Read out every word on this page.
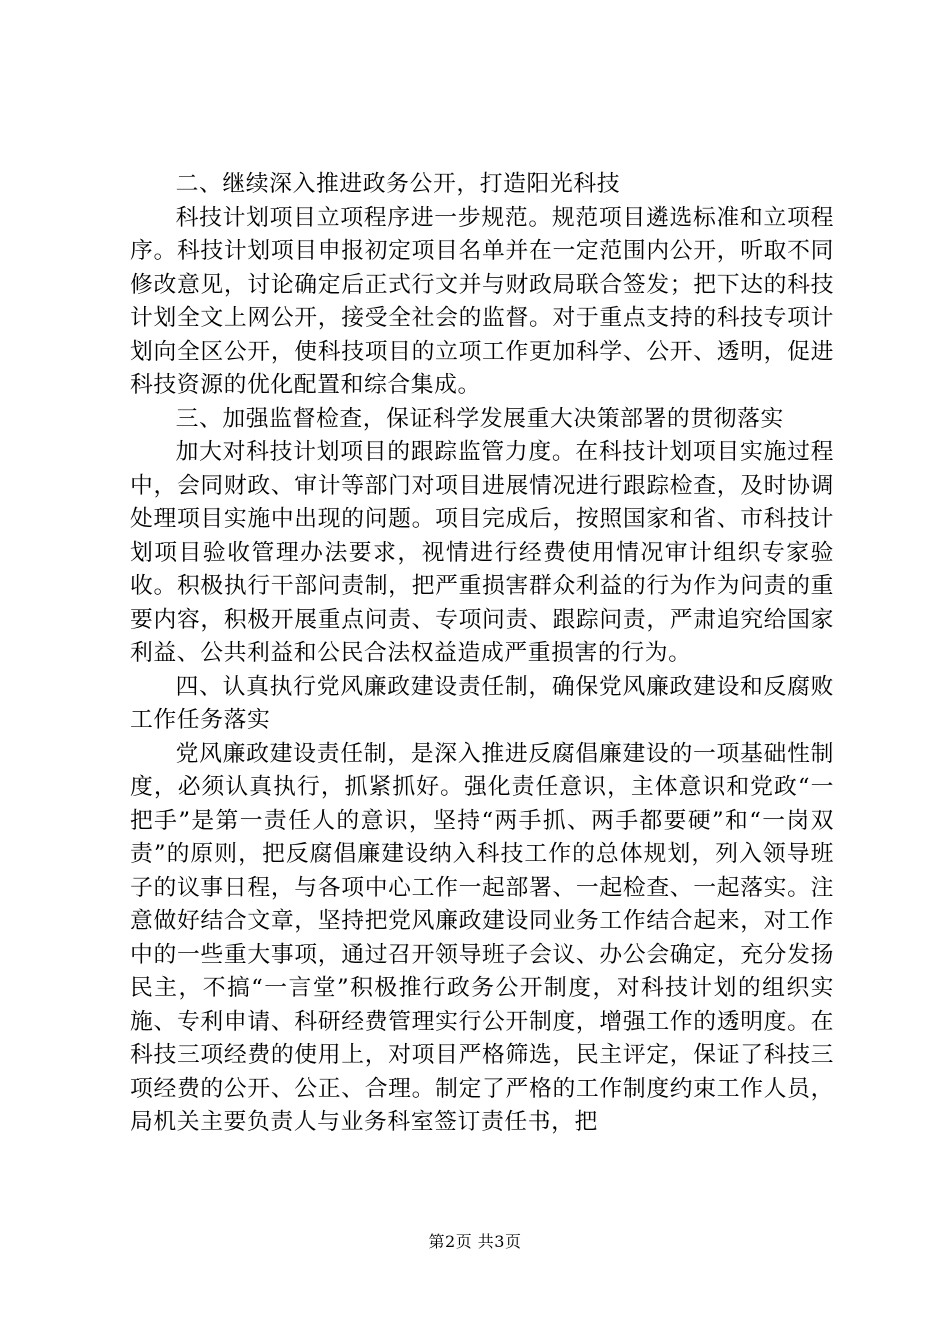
二、继续深入推进政务公开，打造阳光科技

科技计划项目立项程序进一步规范。规范项目遴选标准和立项程序。科技计划项目申报初定项目名单并在一定范围内公开，听取不同修改意见，讨论确定后正式行文并与财政局联合签发；把下达的科技计划全文上网公开，接受全社会的监督。对于重点支持的科技专项计划向全区公开，使科技项目的立项工作更加科学、公开、透明，促进科技资源的优化配置和综合集成。

三、加强监督检查，保证科学发展重大决策部署的贯彻落实

加大对科技计划项目的跟踪监管力度。在科技计划项目实施过程中，会同财政、审计等部门对项目进展情况进行跟踪检查，及时协调处理项目实施中出现的问题。项目完成后，按照国家和省、市科技计划项目验收管理办法要求，视情进行经费使用情况审计组织专家验收。积极执行干部问责制，把严重损害群众利益的行为作为问责的重要内容，积极开展重点问责、专项问责、跟踪问责，严肃追究给国家利益、公共利益和公民合法权益造成严重损害的行为。

四、认真执行党风廉政建设责任制，确保党风廉政建设和反腐败工作任务落实

党风廉政建设责任制，是深入推进反腐倡廉建设的一项基础性制度，必须认真执行，抓紧抓好。强化责任意识，主体意识和党政“一把手”是第一责任人的意识，坚持“两手抓、两手都要硬”和“一岗双责”的原则，把反腐倡廉建设纳入科技工作的总体规划，列入领导班子的议事日程，与各项中心工作一起部署、一起检查、一起落实。注意做好结合文章，坚持把党风廉政建设同业务工作结合起来，对工作中的一些重大事项，通过召开领导班子会议、办公会确定，充分发扬民主，不搞“一言堂”积极推行政务公开制度，对科技计划的组织实施、专利申请、科研经费管理实行公开制度，增强工作的透明度。在科技三项经费的使用上，对项目严格筛选，民主评定，保证了科技三项经费的公开、公正、合理。制定了严格的工作制度约束工作人员，局机关主要负责人与业务科室签订责任书，把

第2页 共3页
